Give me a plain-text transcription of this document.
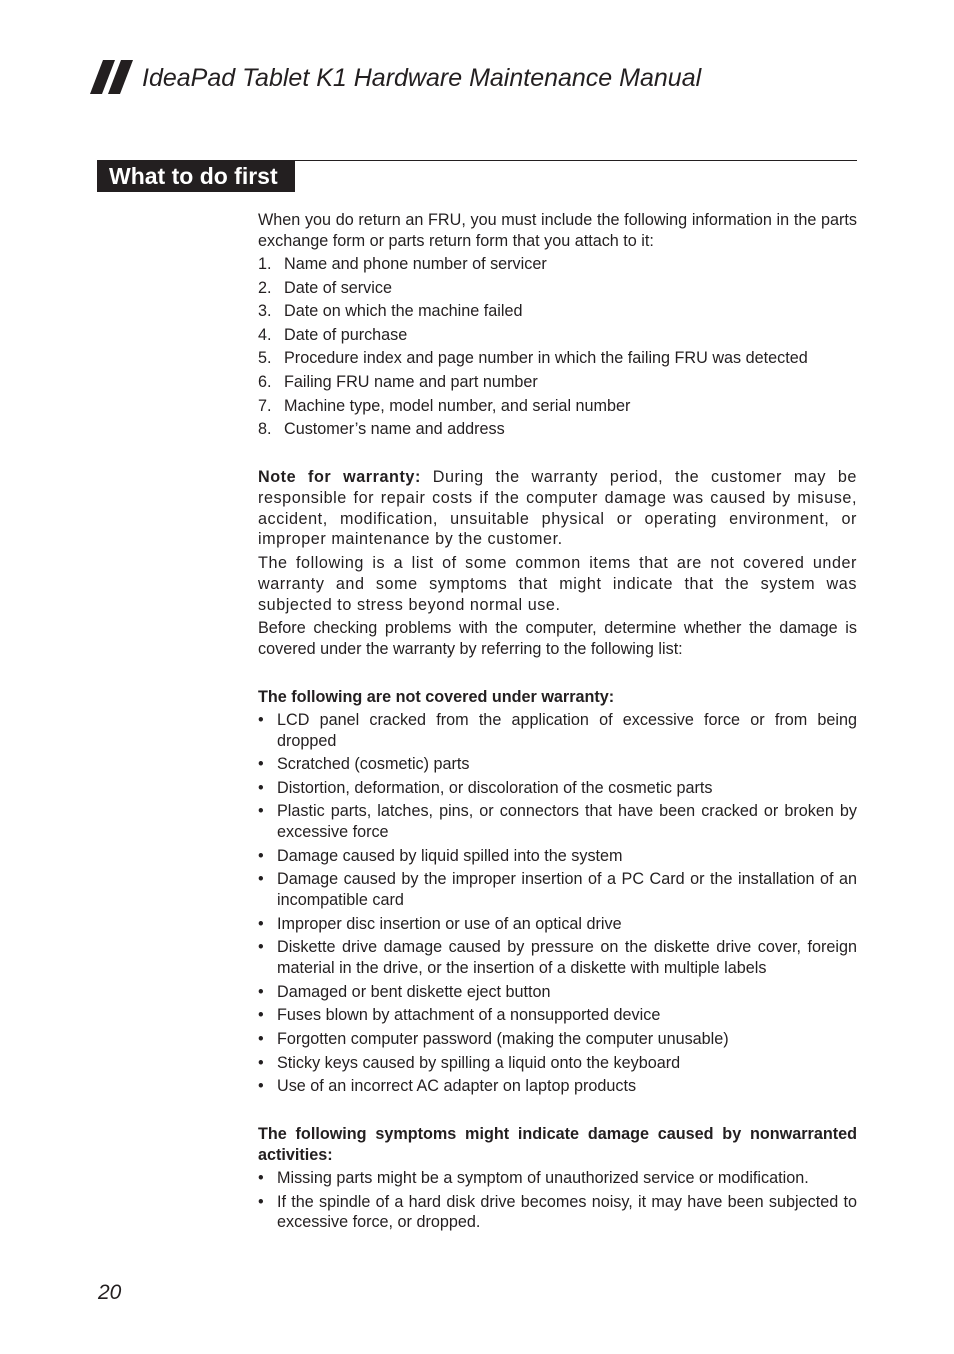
IdeaPad Tablet K1 Hardware Maintenance Manual
What to do first

When you do return an FRU, you must include the following information in the parts exchange form or parts return form that you attach to it:

1. Name and phone number of servicer
2. Date of service
3. Date on which the machine failed
4. Date of purchase
5. Procedure index and page number in which the failing FRU was detected
6. Failing FRU name and part number
7. Machine type, model number, and serial number
8. Customer’s name and address

Note for warranty: During the warranty period, the customer may be responsible for repair costs if the computer damage was caused by misuse, accident, modification, unsuitable physical or operating environment, or improper maintenance by the customer.

The following is a list of some common items that are not covered under warranty and some symptoms that might indicate that the system was subjected to stress beyond normal use.

Before checking problems with the computer, determine whether the damage is covered under the warranty by referring to the following list:

The following are not covered under warranty:

• LCD panel cracked from the application of excessive force or from being dropped
• Scratched (cosmetic) parts
• Distortion, deformation, or discoloration of the cosmetic parts
• Plastic parts, latches, pins, or connectors that have been cracked or broken by excessive force
• Damage caused by liquid spilled into the system
• Damage caused by the improper insertion of a PC Card or the installation of an incompatible card
• Improper disc insertion or use of an optical drive
• Diskette drive damage caused by pressure on the diskette drive cover, foreign material in the drive, or the insertion of a diskette with multiple labels
• Damaged or bent diskette eject button
• Fuses blown by attachment of a nonsupported device
• Forgotten computer password (making the computer unusable)
• Sticky keys caused by spilling a liquid onto the keyboard
• Use of an incorrect AC adapter on laptop products

The following symptoms might indicate damage caused by nonwarranted activities:

• Missing parts might be a symptom of unauthorized service or modification.
• If the spindle of a hard disk drive becomes noisy, it may have been subjected to excessive force, or dropped.
20
